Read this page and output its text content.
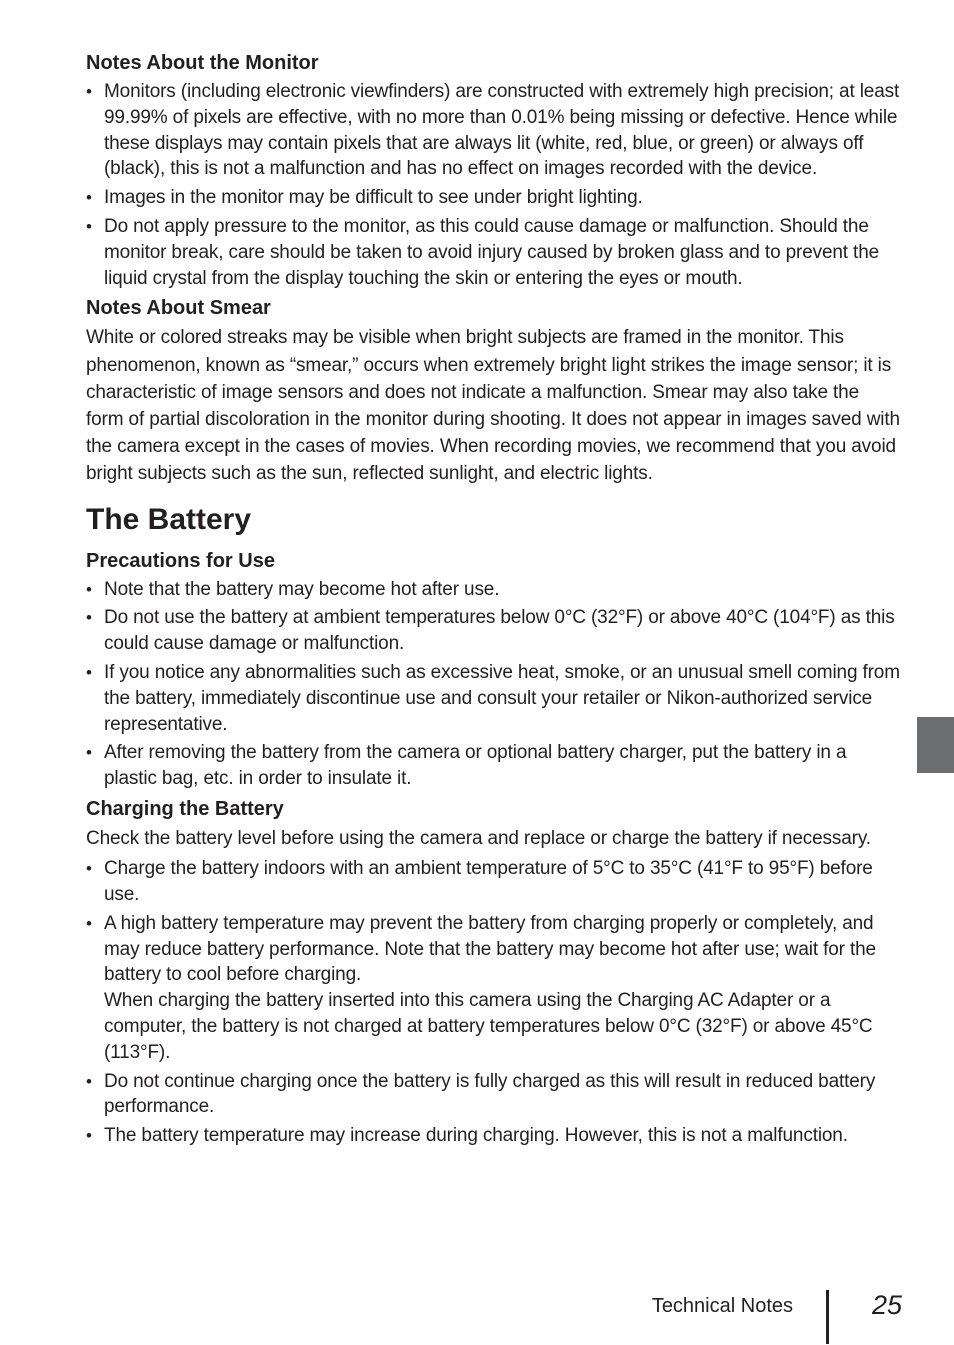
Notes About the Monitor
• Monitors (including electronic viewfinders) are constructed with extremely high precision; at least 99.99% of pixels are effective, with no more than 0.01% being missing or defective. Hence while these displays may contain pixels that are always lit (white, red, blue, or green) or always off (black), this is not a malfunction and has no effect on images recorded with the device.
• Images in the monitor may be difficult to see under bright lighting.
• Do not apply pressure to the monitor, as this could cause damage or malfunction. Should the monitor break, care should be taken to avoid injury caused by broken glass and to prevent the liquid crystal from the display touching the skin or entering the eyes or mouth.
Notes About Smear

White or colored streaks may be visible when bright subjects are framed in the monitor. This phenomenon, known as “smear,” occurs when extremely bright light strikes the image sensor; it is characteristic of image sensors and does not indicate a malfunction. Smear may also take the form of partial discoloration in the monitor during shooting. It does not appear in images saved with the camera except in the cases of movies. When recording movies, we recommend that you avoid bright subjects such as the sun, reflected sunlight, and electric lights.

The Battery
Precautions for Use
• Note that the battery may become hot after use.
• Do not use the battery at ambient temperatures below 0°C (32°F) or above 40°C (104°F) as this could cause damage or malfunction.
• If you notice any abnormalities such as excessive heat, smoke, or an unusual smell coming from the battery, immediately discontinue use and consult your retailer or Nikon-authorized service representative.
• After removing the battery from the camera or optional battery charger, put the battery in a plastic bag, etc. in order to insulate it.
Charging the Battery

Check the battery level before using the camera and replace or charge the battery if necessary.

• Charge the battery indoors with an ambient temperature of 5°C to 35°C (41°F to 95°F) before use.
• A high battery temperature may prevent the battery from charging properly or completely, and may reduce battery performance. Note that the battery may become hot after use; wait for the battery to cool before charging.
When charging the battery inserted into this camera using the Charging AC Adapter or a computer, the battery is not charged at battery temperatures below 0°C (32°F) or above 45°C (113°F).
• Do not continue charging once the battery is fully charged as this will result in reduced battery performance.
• The battery temperature may increase during charging. However, this is not a malfunction.
Technical Notes	25
